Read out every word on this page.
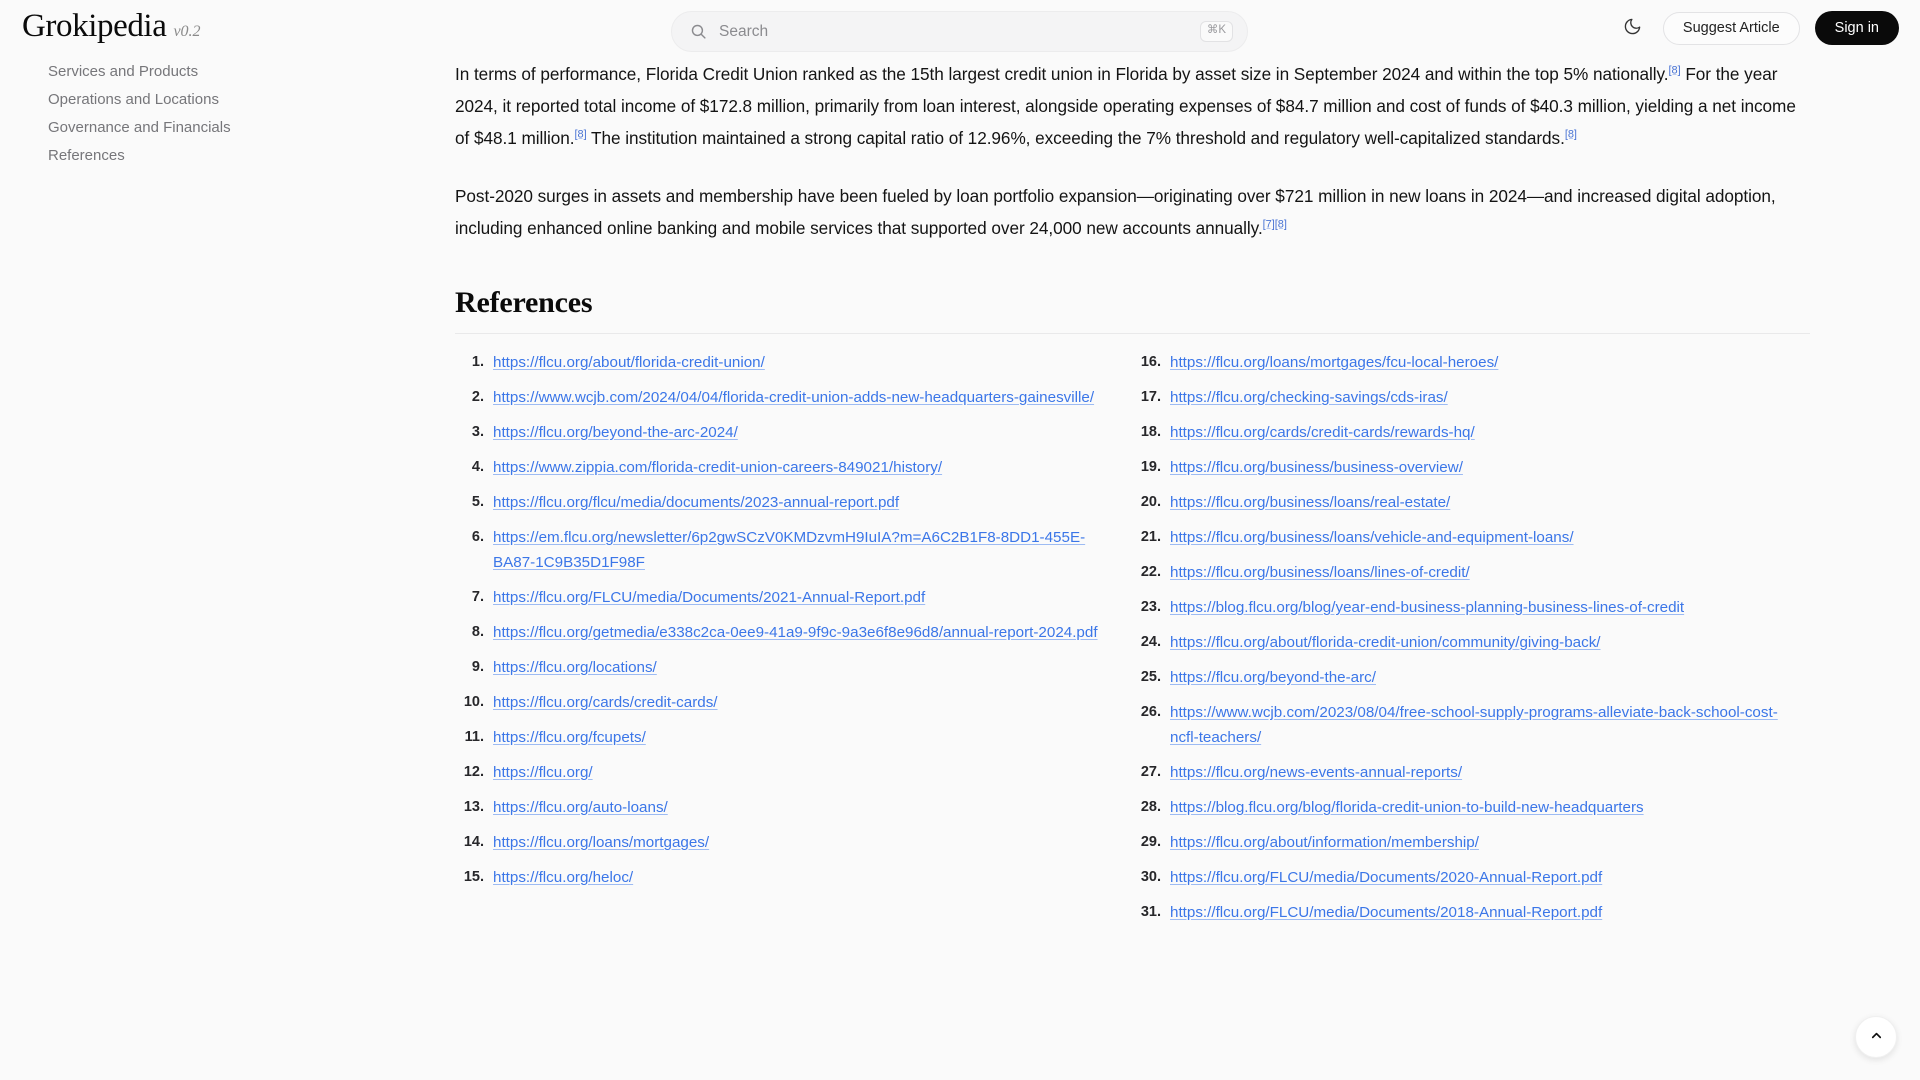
Grokipedia v0.2
Search	⌘K	Suggest Article	Sign in
Services and Products
Operations and Locations
Governance and Financials
References

In terms of performance, Florida Credit Union ranked as the 15th largest credit union in Florida by asset size in September 2024 and within the top 5% nationally.[8] For the year 2024, it reported total income of $172.8 million, primarily from loan interest, alongside operating expenses of $84.7 million and cost of funds of $40.3 million, yielding a net income of $48.1 million.[8] The institution maintained a strong capital ratio of 12.96%, exceeding the 7% threshold and regulatory well-capitalized standards.[8]

Post-2020 surges in assets and membership have been fueled by loan portfolio expansion—originating over $721 million in new loans in 2024—and increased digital adoption, including enhanced online banking and mobile services that supported over 24,000 new accounts annually.[7][8]

References
1. https://flcu.org/about/florida-credit-union/
2. https://www.wcjb.com/2024/04/04/florida-credit-union-adds-new-headquarters-gainesville/
3. https://flcu.org/beyond-the-arc-2024/
4. https://www.zippia.com/florida-credit-union-careers-849021/history/
5. https://flcu.org/flcu/media/documents/2023-annual-report.pdf
6. https://em.flcu.org/newsletter/6p2gwSCzV0KMDzvmH9IuIA?m=A6C2B1F8-8DD1-455E-BA87-1C9B35D1F98F
7. https://flcu.org/FLCU/media/Documents/2021-Annual-Report.pdf
8. https://flcu.org/getmedia/e338c2ca-0ee9-41a9-9f9c-9a3e6f8e96d8/annual-report-2024.pdf
9. https://flcu.org/locations/
10. https://flcu.org/cards/credit-cards/
11. https://flcu.org/fcupets/
12. https://flcu.org/
13. https://flcu.org/auto-loans/
14. https://flcu.org/loans/mortgages/
15. https://flcu.org/heloc/
16. https://flcu.org/loans/mortgages/fcu-local-heroes/
17. https://flcu.org/checking-savings/cds-iras/
18. https://flcu.org/cards/credit-cards/rewards-hq/
19. https://flcu.org/business/business-overview/
20. https://flcu.org/business/loans/real-estate/
21. https://flcu.org/business/loans/vehicle-and-equipment-loans/
22. https://flcu.org/business/loans/lines-of-credit/
23. https://blog.flcu.org/blog/year-end-business-planning-business-lines-of-credit
24. https://flcu.org/about/florida-credit-union/community/giving-back/
25. https://flcu.org/beyond-the-arc/
26. https://www.wcjb.com/2023/08/04/free-school-supply-programs-alleviate-back-school-cost-ncfl-teachers/
27. https://flcu.org/news-events-annual-reports/
28. https://blog.flcu.org/blog/florida-credit-union-to-build-new-headquarters
29. https://flcu.org/about/information/membership/
30. https://flcu.org/FLCU/media/Documents/2020-Annual-Report.pdf
31. https://flcu.org/FLCU/media/Documents/2018-Annual-Report.pdf
